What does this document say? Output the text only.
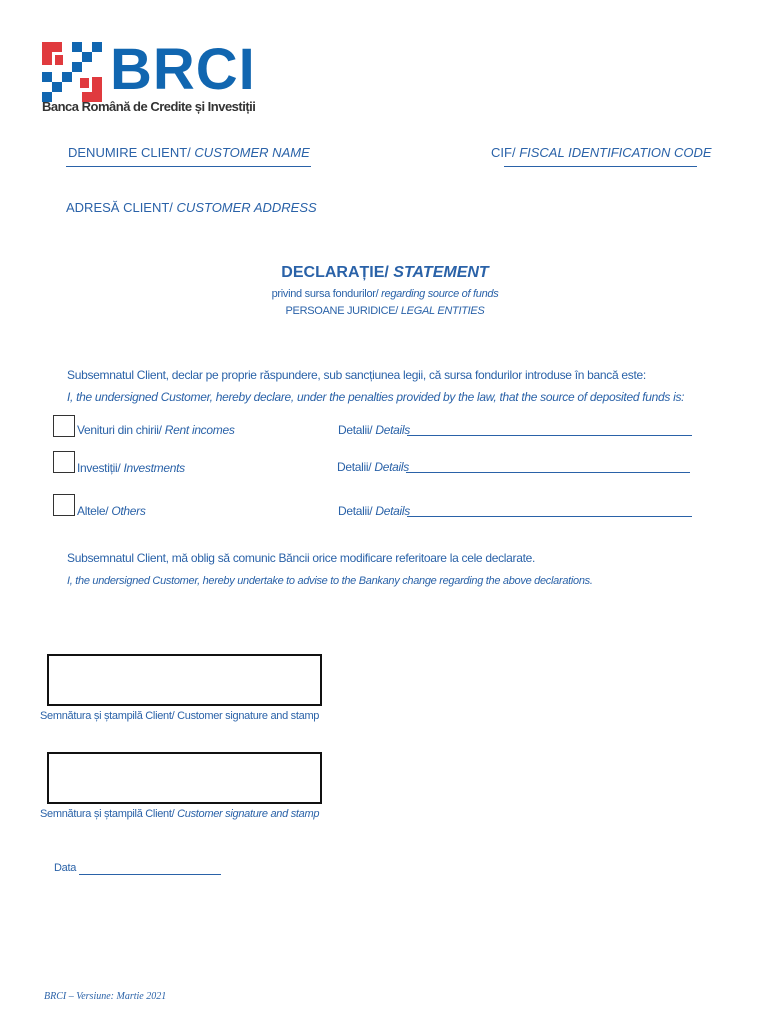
BRCI
Banca Română de Credite și Investiții
DENUMIRE CLIENT/ CUSTOMER NAME	CIF/ FISCAL IDENTIFICATION CODE
ADRESĂ CLIENT/ CUSTOMER ADDRESS
DECLARAȚIE/ STATEMENT
privind sursa fondurilor/ regarding source of funds
PERSOANE JURIDICE/ LEGAL ENTITIES
Subsemnatul Client, declar pe proprie răspundere, sub sancțiunea legii, că sursa fondurilor introduse în bancă este:
I, the undersigned Customer, hereby declare, under the penalties provided by the law, that the source of deposited funds is:
Venituri din chirii/ Rent incomes	Detalii/ Details
Investiții/ Investments	Detalii/ Details
Altele/ Others	Detalii/ Details
Subsemnatul Client, mă oblig să comunic Băncii orice modificare referitoare la cele declarate.
I, the undersigned Customer, hereby undertake to advise to the Bankany change regarding the above declarations.
Semnătura și ștampilă Client/ Customer signature and stamp
Semnătura și ștampilă Client/ Customer signature and stamp
Data
BRCI – Versiune: Martie 2021
